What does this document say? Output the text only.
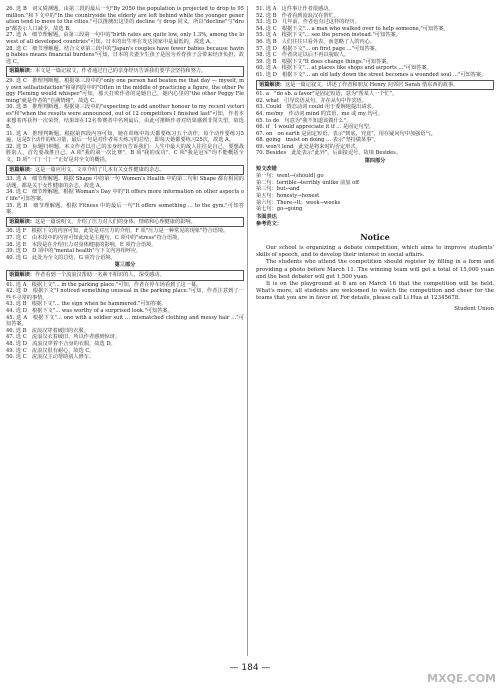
26. 选 B　词义猜测题。由第二段的最后一句"By 2050 the population is projected to drop to 95 million."和下文中的"In the countryside the elderly are left behind while the younger generation tend to move to the cities."可以推测出这里的 decline 与 drop 同义，所以"decline"与"drop"都表示人口减少，故选 B。
27. 选 A　细节理解题。由第三段第一句中的"birth rates are quite low, only 1.3%, among the lowest of all developed countries"可知，日本的出生率在发达国家中是最低的，故选 A。
28. 选 C　细节理解题。结合文章第三段中的"Japan's couples have fewer babies because having babies means financial burdens"可知，日本的夫妻少生孩子是因为养育孩子会带来经济负担，故选 C。
语篇解读：本文是一篇记叙文，作者通过自己的亲身经历告诉我们要学会坚持和努力。
29. 选 C　推理判断题。根据第三段中的"only one person had beaten me that day — myself, my own selfsatisfaction"和第四段中的"Often in the middle of practicing a figure, the other Peggy Fleming would whisper"可知，那天打败作者的是她自己，她内心里的"the other Peggy Fleming"就是作者的"自满情绪"，故选 C。
30. 选 B　推理判断题。根据第三段中的"expecting to add another honour to my recent victories"和"when the results were announced, out of 12 competitors I finished last"可知，作者本来想着再获得一次荣誉，结果却在12名参赛者中名列最后，由此可推断作者对结果感到非常失望，故选 B。
31. 选 A　推理判断题。根据第四段内容可知，她在训练中每天都要练习五个动作，每个动作要练习5遍，这是5个动作的练习量，最后一句是对作者每天练习的总结，即每天她都要练习25次，故选 A。
32. 选 D　标题归纳题。本文作者以自己的亲身经历告诉我们：人生中最大的敌人往往是自己，要想战胜别人，首先要战胜自己。A 项"我的第一次比赛"、B 项"我的成功"、C 项"我是冠军"均不能概括全文，D 项"一门一门一"正好是对全文的概括。
语篇解读：这是一篇应用文，文章介绍了几本有关女性健康的杂志。
33. 选 A　细节理解题。根据 Shape 中的第一句 Women's Health 中的第二句和 Shape 都有相同的话题，都是关于女性健康的杂志，故选 A。
34. 选 C　细节理解题。根据 Woman's Day 中的"It offers more information on other aspects of life"可知答案。
35. 选 B　细节理解题。根据 Fitness 中的最后一句"It offers something ... to the gym."可知答案。
语篇解读：这是一篇说明文，介绍了压力对人们的身体、情绪和心理健康的影响。
36. 选 F　根据下文的内容可知，此处是对压力的介绍，F 项"压力是一种常见的现象"符合语境。
37. 选 C　由本段中的内容可知此处是主题句，C 项中的"stress"符合语境。
38. 选 E　本段是在介绍压力对身体健康的影响，E 项符合语境。
39. 选 D　D 项中的"mental health"与下文内容相呼应。
40. 选 G　此处为全文的总结，G 项符合语境。
第三部分
语篇解读：作者看到一个流浪汉帮助一名素不相识的人，深受感动。
41. 选 A　根据上文"... in the parking place."可知，作者在停车场看到了这一幕。
42. 选 D　根据下文"I noticed something unusual in the parking place."可知，作者注意到了一些不寻常的事情。
43. 选 B　根据下文"... the sign when he hammered."可知答案。
44. 选 D　根据下文"... was worthy of a surprised look."可知答案。
45. 选 A　根据下文"... one with a soldier suit ... mismatched clothing and messy hair ..."可知答案。
46. 选 B　流浪汉穿着破旧的衣服。
47. 选 C　流浪汉衣着破旧，所以作者感到惊讶。
48. 选 D　流浪汉穿着不合身的衣服，故选 D。
49. 选 C　流浪汉很有耐心，故选 C。
50. 选 C　流浪汉主动帮助别人修车。
51. 选 A　这件事让作者很感动。
52. 选 B　作者看到流浪汉在帮忙。
53. 选 D　几年前，作者也有过这样的经历。
54. 选 C　根据下文"... a man who walked over to help someone,"可知答案。
55. 选 A　根据下文"... see the person instead."可知答案。
56. 选 B　人们往往只看外表，而忽略了人的内心。
57. 选 D　根据下文"... on first page ..."可知答案。
58. 选 C　作者决定以后不再以貌取人。
59. 选 B　根据下文"It does change things."可知答案。
60. 选 A　根据下文"... at places like shops and airports ..."可知答案。
61. 选 D　根据下文"... an old lady down the street becomes a wounded soul ..."可知答案。
语篇解读：这是一篇记叙文，讲述了作者和朋友 Henry 向邻居 Sarah 借东西的故事。
61. a　"do sb. a favor"是固定短语，意为"帮某人一个忙"。
62. what　引导宾语从句，并在从句中作宾语。
63. Could　情态动词 could 用于委婉地提出请求。
64. me/my　作动词 mind 的宾语，me 或 my 均可。
65. to do　句意为"我不知道该做什么"。
66. if　I would appreciate it if ... 是固定句型。
67. on　on earth 是固定短语，表示"到底，究竟"，用在疑问句中加强语气。
68. going　insist on doing ... 表示"坚持做某事"。
69. won't lend　此处是将来时的否定形式。
70. Besides　此处表示"此外"，后面接逗号，故填 Besides。
第四部分
短文改错
第一句：went→(should) go
第二句：terrible→terribly unlike 前加 off
第三句：but→and
第五句：honesty→honest
第六句：There→It；week→weeks
第七句：go→going
书面表达
参考范文：
Notice

Our school is organizing a debate competition, which aims to improve students' skills of speech, and to develop their interest in social affairs.

The students who attend the competition should register by filling in a form and providing a photo before March 11. The winning team will get a total of 15,000 yuan and the best debater will get 1,500 yuan.

It is on the playground at 8 am on March 16 that the competition will be held. What's more, all students are welcomed to watch the competition and cheer for the teams that you are in favor of. For details, please call Li Hua at 12345678.

Student Union
— 184 —
MXQE.COM
